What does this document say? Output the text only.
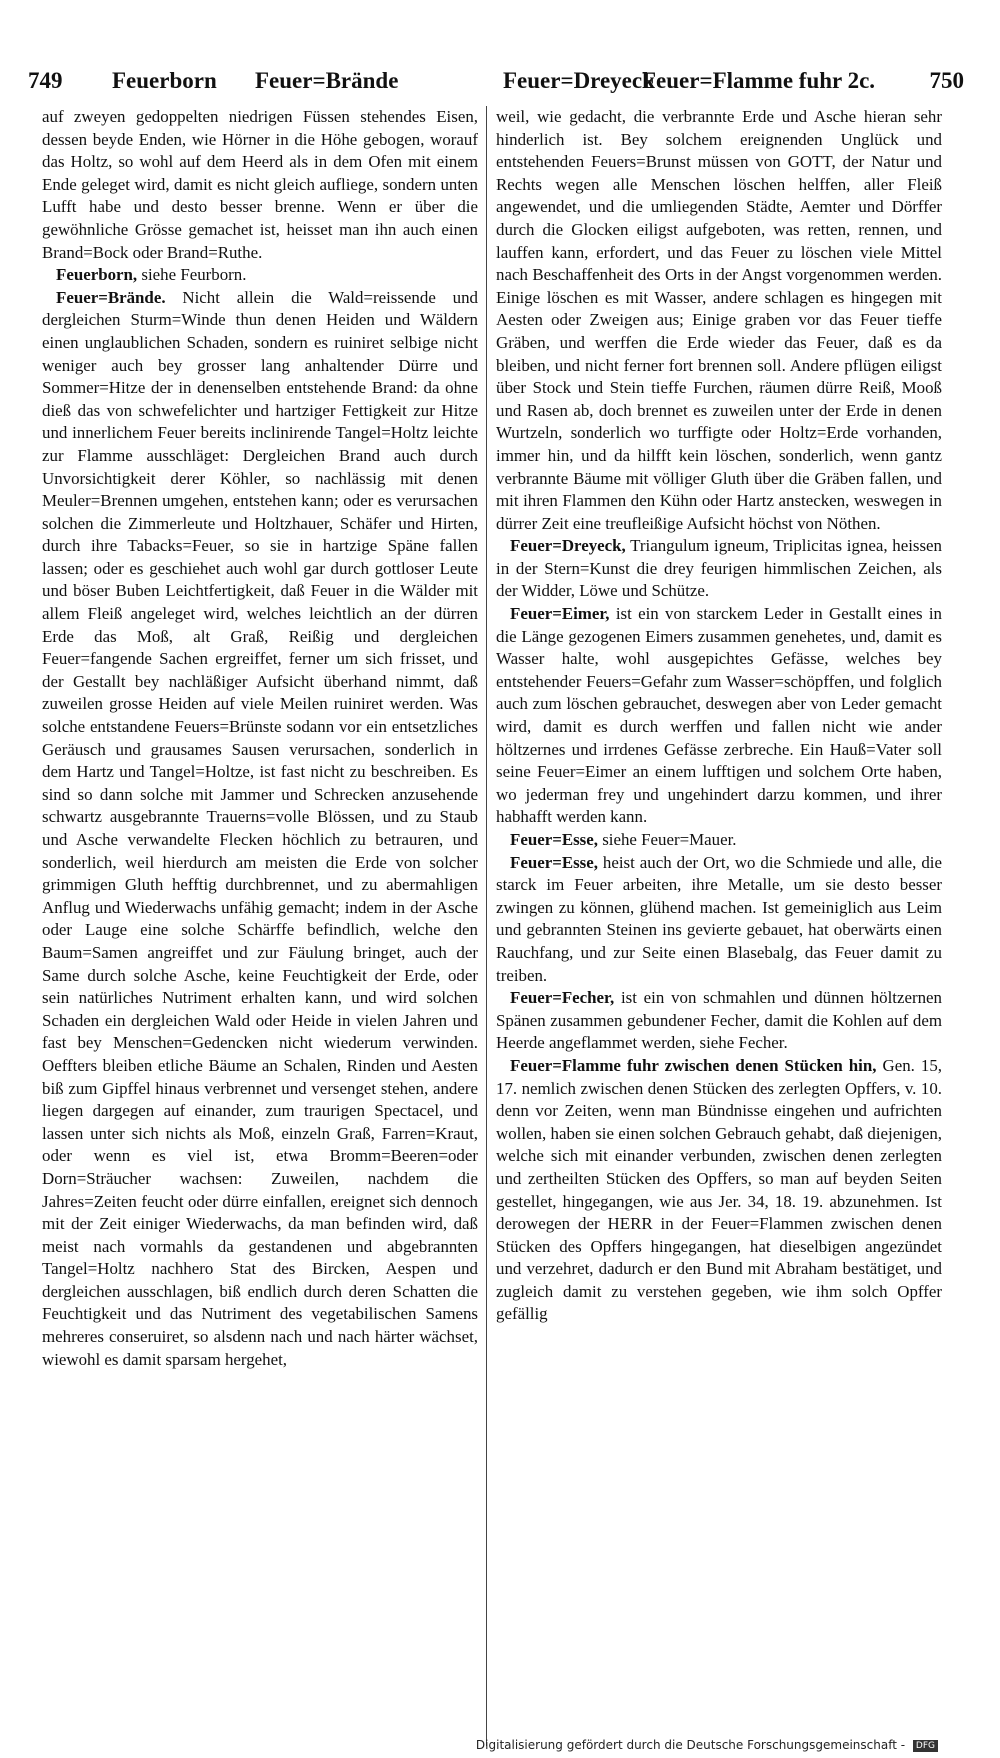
749 Feuerborn Feuer=Brände	Feuer=Dreyeck
Feuer=Flamme fuhr 2c. 750

auf zweyen gedoppelten niedrigen Füssen stehendes Eisen, dessen beyde Enden, wie Hörner in die Höhe gebogen, worauf das Holtz, so wohl auf dem Heerd als in dem Ofen mit einem Ende geleget wird, damit es nicht gleich aufliege, sondern unten Lufft habe und desto besser brenne. Wenn er über die gewöhnliche Grösse gemachet ist, heisset man ihn auch einen Brand=Bock oder Brand=Ruthe.

Feuerborn, siehe Feurborn.

Feuer=Brände. Nicht allein die Wald=reissende und dergleichen Sturm=Winde thun denen Heiden und Wäldern einen unglaublichen Schaden, sondern es ruiniret selbige nicht weniger auch bey grosser lang anhaltender Dürre und Sommer=Hitze der in denenselben entstehende Brand: da ohne dieß das von schwefelichter und hartziger Fettigkeit zur Hitze und innerlichem Feuer bereits inclinirende Tangel=Holtz leichte zur Flamme ausschläget: Dergleichen Brand auch durch Unvorsichtigkeit derer Köhler, so nachlässig mit denen Meuler=Brennen umgehen, entstehen kann; oder es verursachen solchen die Zimmerleute und Holtzhauer, Schäfer und Hirten, durch ihre Tabacks=Feuer, so sie in hartzige Späne fallen lassen; oder es geschiehet auch wohl gar durch gottloser Leute und böser Buben Leichtfertigkeit, daß Feuer in die Wälder mit allem Fleiß angeleget wird, welches leichtlich an der dürren Erde das Moß, alt Graß, Reißig und dergleichen Feuer=fangende Sachen ergreiffet, ferner um sich frisset, und der Gestallt bey nachläßiger Aufsicht überhand nimmt, daß zuweilen grosse Heiden auf viele Meilen ruiniret werden. Was solche entstandene Feuers=Brünste sodann vor ein entsetzliches Geräusch und grausames Sausen verursachen, sonderlich in dem Hartz und Tangel=Holtze, ist fast nicht zu beschreiben. Es sind so dann solche mit Jammer und Schrecken anzusehende schwartz ausgebrannte Trauerns=volle Blössen, und zu Staub und Asche verwandelte Flecken höchlich zu betrauren, und sonderlich, weil hierdurch am meisten die Erde von solcher grimmigen Gluth hefftig durchbrennet, und zu abermahligen Anflug und Wiederwachs unfähig gemacht; indem in der Asche oder Lauge eine solche Schärffe befindlich, welche den Baum=Samen angreiffet und zur Fäulung bringet, auch der Same durch solche Asche, keine Feuchtigkeit der Erde, oder sein natürliches Nutriment erhalten kann, und wird solchen Schaden ein dergleichen Wald oder Heide in vielen Jahren und fast bey Menschen=Gedencken nicht wiederum verwinden. Oeffters bleiben etliche Bäume an Schalen, Rinden und Aesten biß zum Gipffel hinaus verbrennet und versenget stehen, andere liegen dargegen auf einander, zum traurigen Spectacel, und lassen unter sich nichts als Moß, einzeln Graß, Farren=Kraut, oder wenn es viel ist, etwa Bromm=Beeren=oder Dorn=Sträucher wachsen: Zuweilen, nachdem die Jahres=Zeiten feucht oder dürre einfallen, ereignet sich dennoch mit der Zeit einiger Wiederwachs, da man befinden wird, daß meist nach vormahls da gestandenen und abgebrannten Tangel=Holtz nachhero Stat des Bircken, Aespen und dergleichen ausschlagen, biß endlich durch deren Schatten die Feuchtigkeit und das Nutriment des vegetabilischen Samens mehreres conseruiret, so alsdenn nach und nach härter wächset, wiewohl es damit sparsam hergehet,

weil, wie gedacht, die verbrannte Erde und Asche hieran sehr hinderlich ist. Bey solchem ereignenden Unglück und entstehenden Feuers=Brunst müssen von GOTT, der Natur und Rechts wegen alle Menschen löschen helffen, aller Fleiß angewendet, und die umliegenden Städte, Aemter und Dörffer durch die Glocken eiligst aufgeboten, was retten, rennen, und lauffen kann, erfordert, und das Feuer zu löschen viele Mittel nach Beschaffenheit des Orts in der Angst vorgenommen werden. Einige löschen es mit Wasser, andere schlagen es hingegen mit Aesten oder Zweigen aus; Einige graben vor das Feuer tieffe Gräben, und werffen die Erde wieder das Feuer, daß es da bleiben, und nicht ferner fort brennen soll. Andere pflügen eiligst über Stock und Stein tieffe Furchen, räumen dürre Reiß, Mooß und Rasen ab, doch brennet es zuweilen unter der Erde in denen Wurtzeln, sonderlich wo turffigte oder Holtz=Erde vorhanden, immer hin, und da hilfft kein löschen, sonderlich, wenn gantz verbrannte Bäume mit völliger Gluth über die Gräben fallen, und mit ihren Flammen den Kühn oder Hartz anstecken, weswegen in dürrer Zeit eine treufleißige Aufsicht höchst von Nöthen.

Feuer=Dreyeck, Triangulum igneum, Triplicitas ignea, heissen in der Stern=Kunst die drey feurigen himmlischen Zeichen, als der Widder, Löwe und Schütze.

Feuer=Eimer, ist ein von starckem Leder in Gestallt eines in die Länge gezogenen Eimers zusammen genehetes, und, damit es Wasser halte, wohl ausgepichtes Gefässe, welches bey entstehender Feuers=Gefahr zum Wasser=schöpffen, und folglich auch zum löschen gebrauchet, deswegen aber von Leder gemacht wird, damit es durch werffen und fallen nicht wie ander höltzernes und irrdenes Gefässe zerbreche. Ein Hauß=Vater soll seine Feuer=Eimer an einem lufftigen und solchem Orte haben, wo jederman frey und ungehindert darzu kommen, und ihrer habhafft werden kann.

Feuer=Esse, siehe Feuer=Mauer.

Feuer=Esse, heist auch der Ort, wo die Schmiede und alle, die starck im Feuer arbeiten, ihre Metalle, um sie desto besser zwingen zu können, glühend machen. Ist gemeiniglich aus Leim und gebrannten Steinen ins gevierte gebauet, hat oberwärts einen Rauchfang, und zur Seite einen Blasebalg, das Feuer damit zu treiben.

Feuer=Fecher, ist ein von schmahlen und dünnen höltzernen Spänen zusammen gebundener Fecher, damit die Kohlen auf dem Heerde angeflammet werden, siehe Fecher.

Feuer=Flamme fuhr zwischen denen Stücken hin, Gen. 15, 17. nemlich zwischen denen Stücken des zerlegten Opffers, v. 10. denn vor Zeiten, wenn man Bündnisse eingehen und aufrichten wollen, haben sie einen solchen Gebrauch gehabt, daß diejenigen, welche sich mit einander verbunden, zwischen denen zerlegten und zertheilten Stücken des Opffers, so man auf beyden Seiten gestellet, hingegangen, wie aus Jer. 34, 18. 19. abzunehmen. Ist derowegen der HERR in der Feuer=Flammen zwischen denen Stücken des Opffers hingegangen, hat dieselbigen angezündet und verzehret, dadurch er den Bund mit Abraham bestätiget, und zugleich damit zu verstehen gegeben, wie ihm solch Opffer gefällig

Digitalisierung gefördert durch die Deutsche Forschungsgemeinschaft - DFG
